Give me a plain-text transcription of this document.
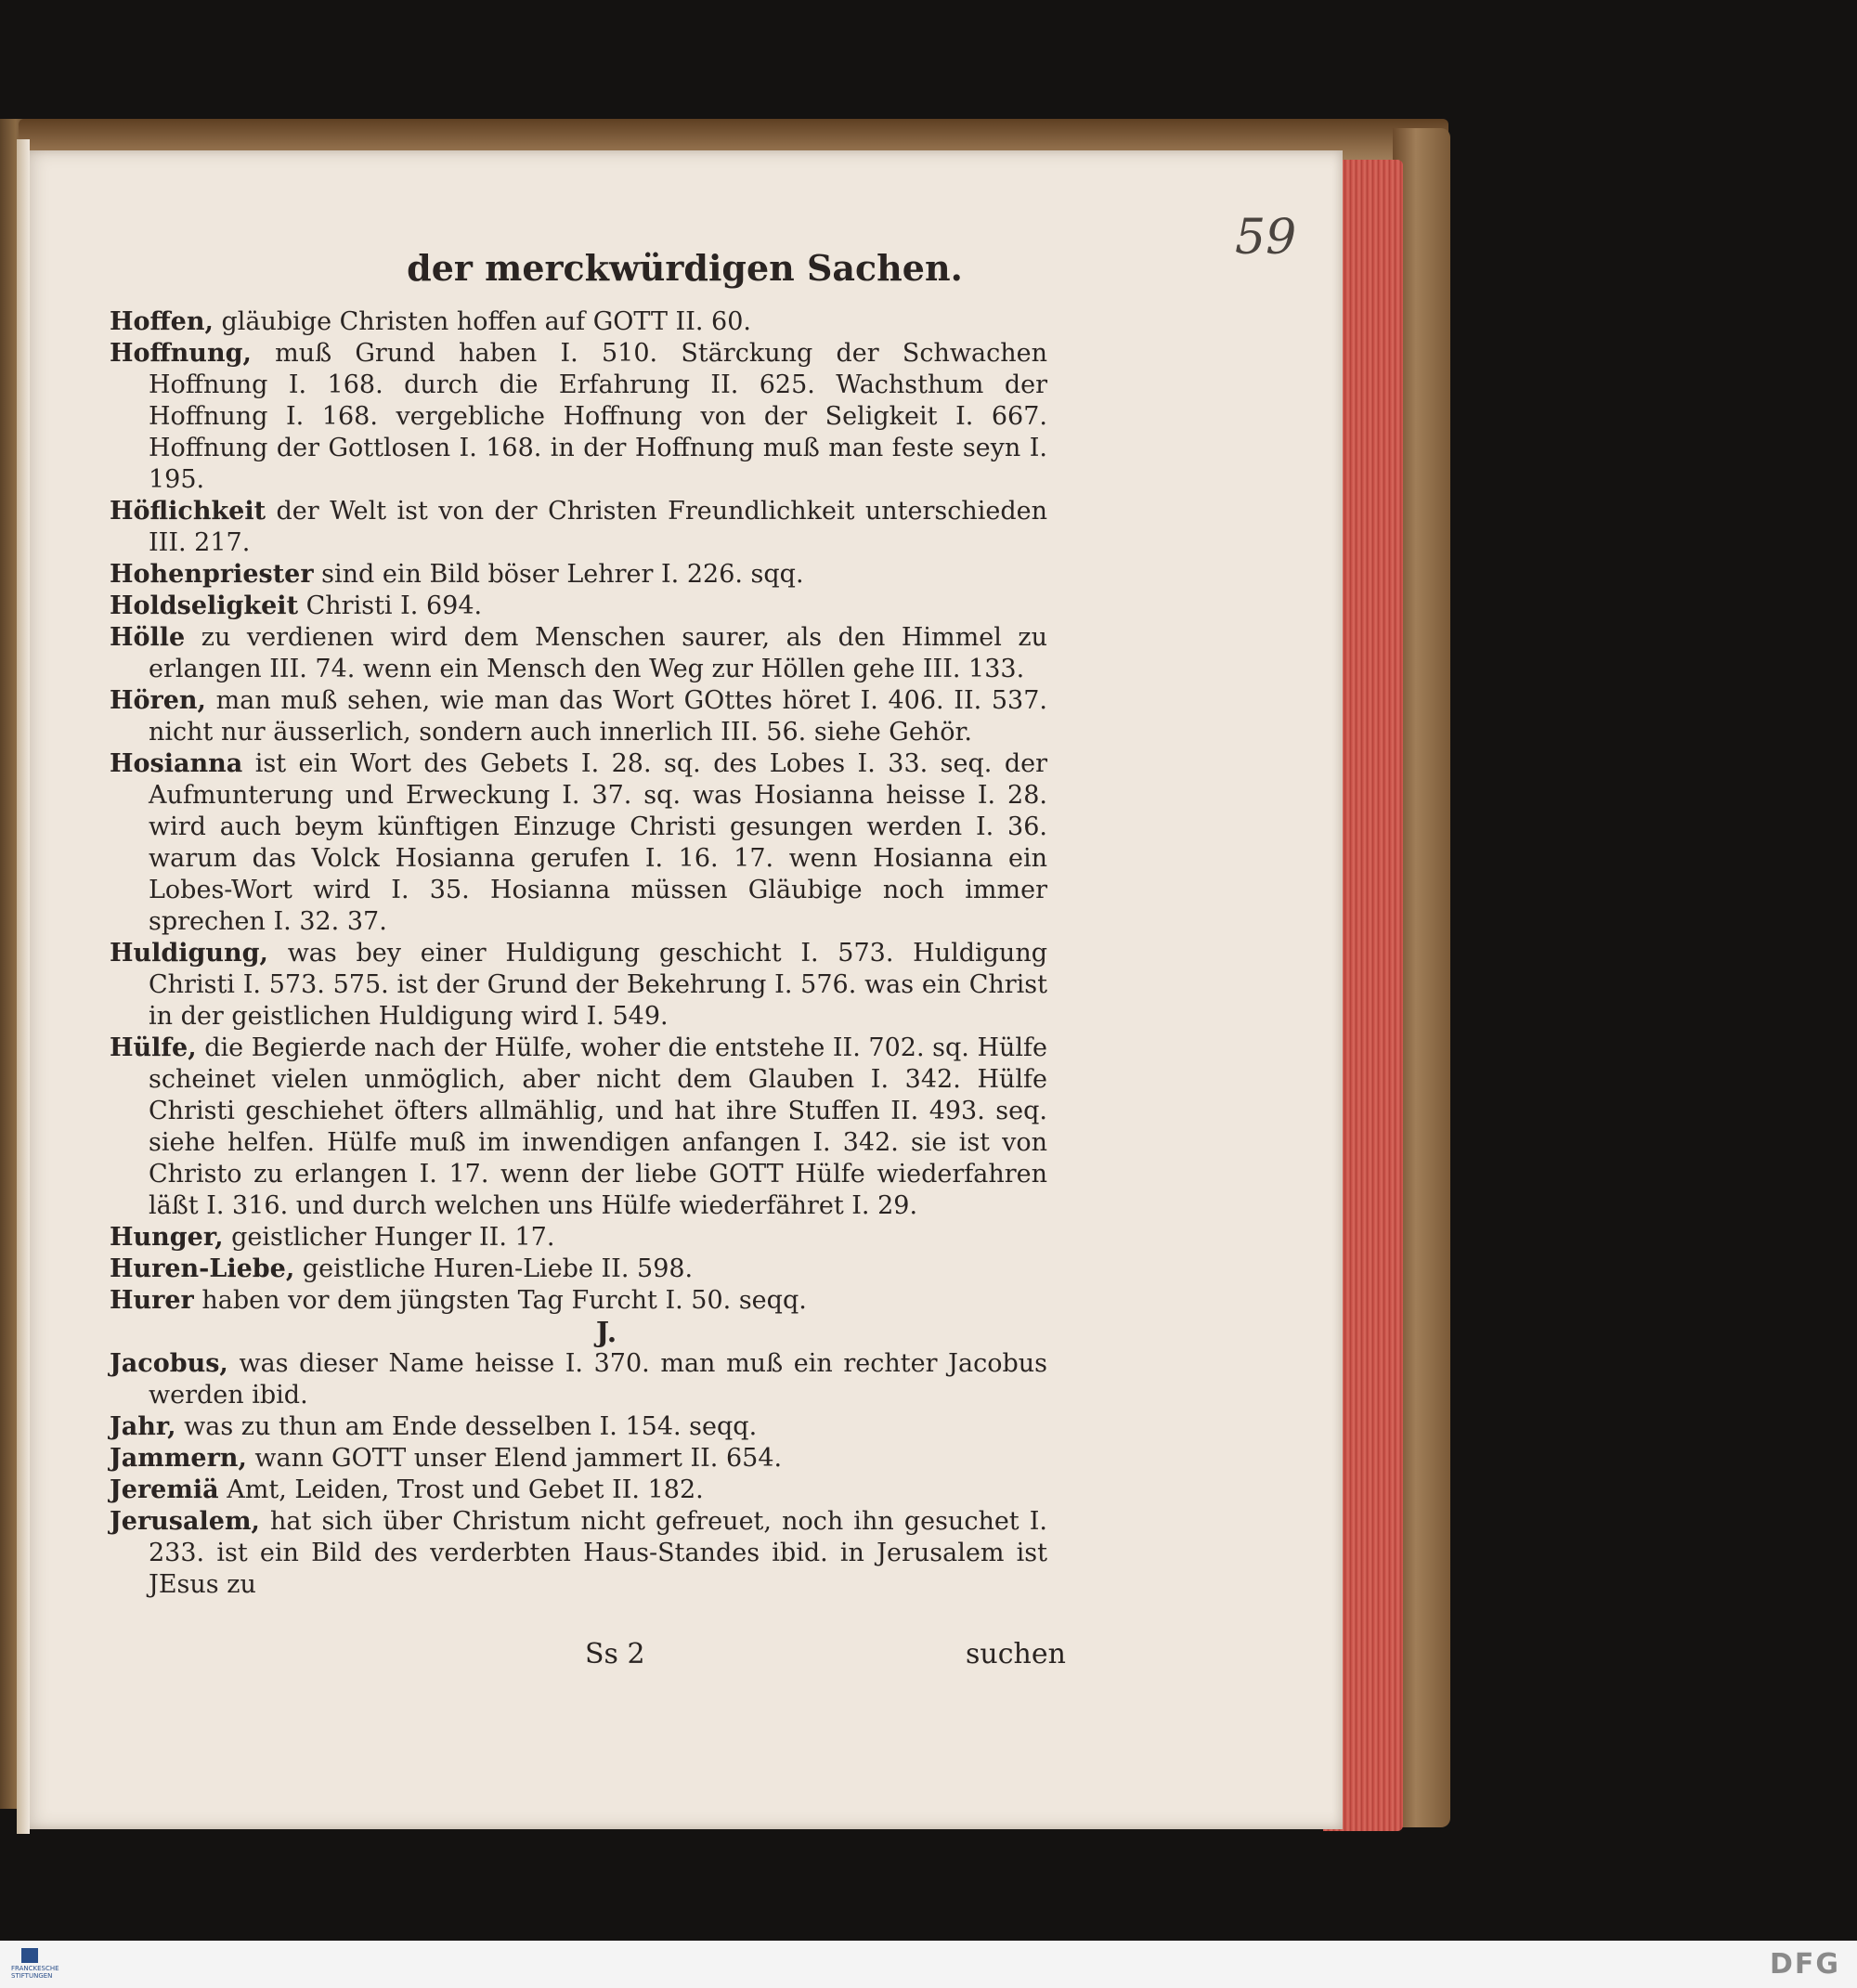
59
der merckwürdigen Sachen.

Hoffen, gläubige Christen hoffen auf GOTT II. 60.

Hoffnung, muß Grund haben I. 510. Stärckung der Schwachen Hoffnung I. 168. durch die Erfahrung II. 625. Wachsthum der Hoffnung I. 168. vergebliche Hoffnung von der Seligkeit I. 667. Hoffnung der Gottlosen I. 168. in der Hoffnung muß man feste seyn I. 195.

Höflichkeit der Welt ist von der Christen Freundlichkeit unterschieden III. 217.

Hohenpriester sind ein Bild böser Lehrer I. 226. sqq.

Holdseligkeit Christi I. 694.

Hölle zu verdienen wird dem Menschen saurer, als den Himmel zu erlangen III. 74. wenn ein Mensch den Weg zur Höllen gehe III. 133.

Hören, man muß sehen, wie man das Wort GOttes höret I. 406. II. 537. nicht nur äusserlich, sondern auch innerlich III. 56. siehe Gehör.

Hosianna ist ein Wort des Gebets I. 28. sq. des Lobes I. 33. seq. der Aufmunterung und Erweckung I. 37. sq. was Hosianna heisse I. 28. wird auch beym künftigen Einzuge Christi gesungen werden I. 36. warum das Volck Hosianna gerufen I. 16. 17. wenn Hosianna ein Lobes-Wort wird I. 35. Hosianna müssen Gläubige noch immer sprechen I. 32. 37.

Huldigung, was bey einer Huldigung geschicht I. 573. Huldigung Christi I. 573. 575. ist der Grund der Bekehrung I. 576. was ein Christ in der geistlichen Huldigung wird I. 549.

Hülfe, die Begierde nach der Hülfe, woher die entstehe II. 702. sq. Hülfe scheinet vielen unmöglich, aber nicht dem Glauben I. 342. Hülfe Christi geschiehet öfters allmählig, und hat ihre Stuffen II. 493. seq. siehe helfen. Hülfe muß im inwendigen anfangen I. 342. sie ist von Christo zu erlangen I. 17. wenn der liebe GOTT Hülfe wiederfahren läßt I. 316. und durch welchen uns Hülfe wiederfähret I. 29.

Hunger, geistlicher Hunger II. 17.

Huren-Liebe, geistliche Huren-Liebe II. 598.

Hurer haben vor dem jüngsten Tag Furcht I. 50. seqq.

J.

Jacobus, was dieser Name heisse I. 370. man muß ein rechter Jacobus werden ibid.

Jahr, was zu thun am Ende desselben I. 154. seqq.

Jammern, wann GOTT unser Elend jammert II. 654.

Jeremiä Amt, Leiden, Trost und Gebet II. 182.

Jerusalem, hat sich über Christum nicht gefreuet, noch ihn gesuchet I. 233. ist ein Bild des verderbten Haus-Standes ibid. in Jerusalem ist JEsus zu

Ss 2	suchen
FRANCKESCHE STIFTUNGEN	DFG
